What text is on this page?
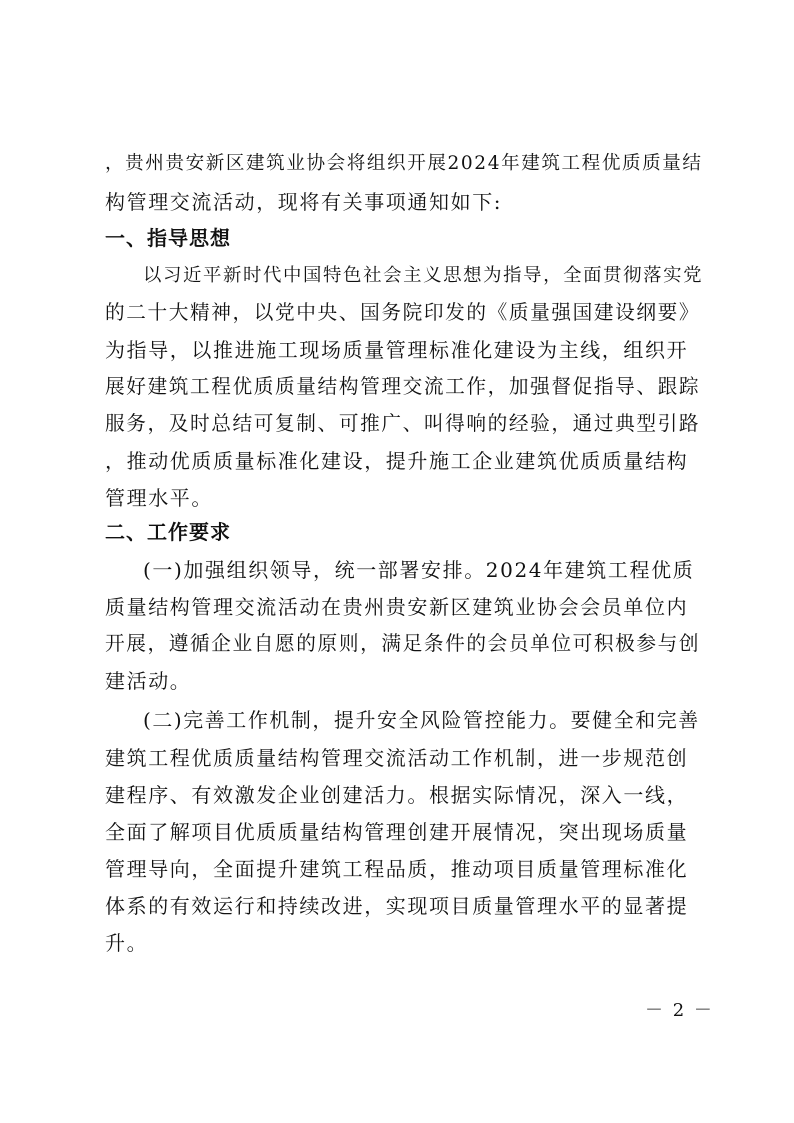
，贵州贵安新区建筑业协会将组织开展2024年建筑工程优质质量结
构管理交流活动，现将有关事项通知如下:
一、指导思想
以习近平新时代中国特色社会主义思想为指导，全面贯彻落实党
的二十大精神，以党中央、国务院印发的《质量强国建设纲要》
为指导，以推进施工现场质量管理标准化建设为主线，组织开
展好建筑工程优质质量结构管理交流工作，加强督促指导、跟踪
服务，及时总结可复制、可推广、叫得响的经验，通过典型引路
，推动优质质量标准化建设，提升施工企业建筑优质质量结构
管理水平。
二、工作要求
(一)加强组织领导，统一部署安排。2024年建筑工程优质
质量结构管理交流活动在贵州贵安新区建筑业协会会员单位内
开展，遵循企业自愿的原则，满足条件的会员单位可积极参与创
建活动。
(二)完善工作机制，提升安全风险管控能力。要健全和完善
建筑工程优质质量结构管理交流活动工作机制，进一步规范创
建程序、有效激发企业创建活力。根据实际情况，深入一线，
全面了解项目优质质量结构管理创建开展情况，突出现场质量
管理导向，全面提升建筑工程品质，推动项目质量管理标准化
体系的有效运行和持续改进，实现项目质量管理水平的显著提
升。
－ 2 －
